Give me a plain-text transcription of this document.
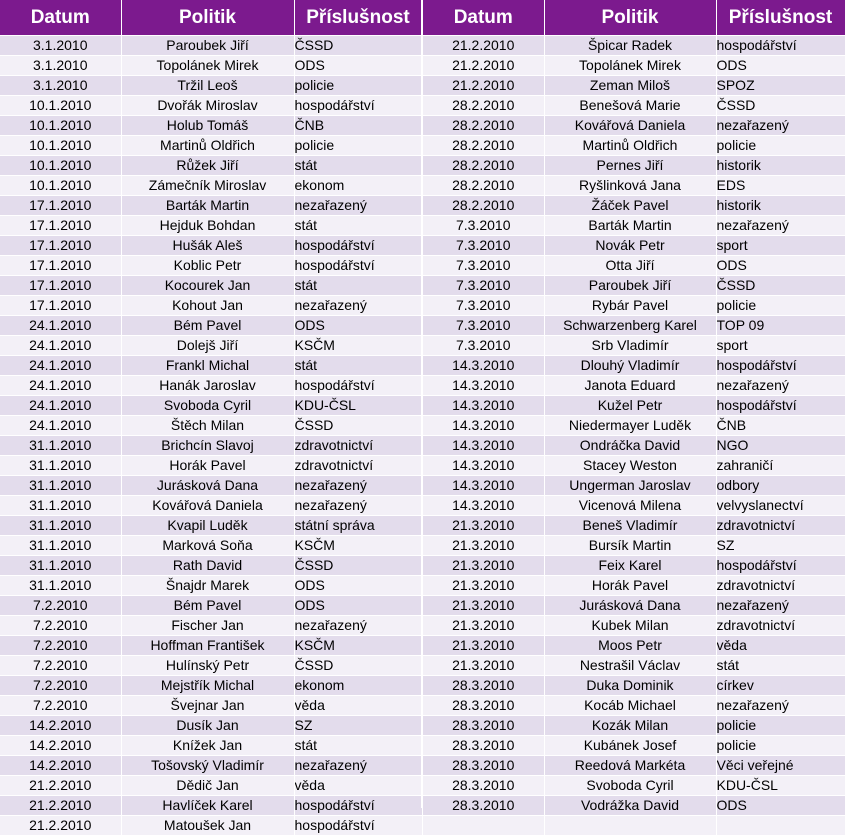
Datum	Politik	Příslušnost
3.1.2010	Paroubek Jiří	ČSSD
3.1.2010	Topolánek Mirek	ODS
3.1.2010	Tržil Leoš	policie
10.1.2010	Dvořák Miroslav	hospodářství
10.1.2010	Holub Tomáš	ČNB
10.1.2010	Martinů Oldřich	policie
10.1.2010	Růžek Jiří	stát
10.1.2010	Zámečník Miroslav	ekonom
17.1.2010	Barták Martin	nezařazený
17.1.2010	Hejduk Bohdan	stát
17.1.2010	Hušák Aleš	hospodářství
17.1.2010	Koblic Petr	hospodářství
17.1.2010	Kocourek Jan	stát
17.1.2010	Kohout Jan	nezařazený
24.1.2010	Bém Pavel	ODS
24.1.2010	Dolejš Jiří	KSČM
24.1.2010	Frankl Michal	stát
24.1.2010	Hanák Jaroslav	hospodářství
24.1.2010	Svoboda Cyril	KDU-ČSL
24.1.2010	Štěch Milan	ČSSD
31.1.2010	Brichcín Slavoj	zdravotnictví
31.1.2010	Horák Pavel	zdravotnictví
31.1.2010	Jurásková Dana	nezařazený
31.1.2010	Kovářová Daniela	nezařazený
31.1.2010	Kvapil Luděk	státní správa
31.1.2010	Marková Soňa	KSČM
31.1.2010	Rath David	ČSSD
31.1.2010	Šnajdr Marek	ODS
7.2.2010	Bém Pavel	ODS
7.2.2010	Fischer Jan	nezařazený
7.2.2010	Hoffman František	KSČM
7.2.2010	Hulínský Petr	ČSSD
7.2.2010	Mejstřík Michal	ekonom
7.2.2010	Švejnar Jan	věda
14.2.2010	Dusík Jan	SZ
14.2.2010	Knížek Jan	stát
14.2.2010	Tošovský Vladimír	nezařazený
21.2.2010	Dědič Jan	věda
21.2.2010	Havlíček Karel	hospodářství
21.2.2010	Matoušek Jan	hospodářství
Datum	Politik	Příslušnost
21.2.2010	Špicar Radek	hospodářství
21.2.2010	Topolánek Mirek	ODS
21.2.2010	Zeman Miloš	SPOZ
28.2.2010	Benešová Marie	ČSSD
28.2.2010	Kovářová Daniela	nezařazený
28.2.2010	Martinů Oldřich	policie
28.2.2010	Pernes Jiří	historik
28.2.2010	Ryšlinková Jana	EDS
28.2.2010	Žáček Pavel	historik
7.3.2010	Barták Martin	nezařazený
7.3.2010	Novák Petr	sport
7.3.2010	Otta Jiří	ODS
7.3.2010	Paroubek Jiří	ČSSD
7.3.2010	Rybár Pavel	policie
7.3.2010	Schwarzenberg Karel	TOP 09
7.3.2010	Srb Vladimír	sport
14.3.2010	Dlouhý Vladimír	hospodářství
14.3.2010	Janota Eduard	nezařazený
14.3.2010	Kužel Petr	hospodářství
14.3.2010	Niedermayer Luděk	ČNB
14.3.2010	Ondráčka David	NGO
14.3.2010	Stacey Weston	zahraničí
14.3.2010	Ungerman Jaroslav	odbory
14.3.2010	Vicenová Milena	velvyslanectví
21.3.2010	Beneš Vladimír	zdravotnictví
21.3.2010	Bursík Martin	SZ
21.3.2010	Feix Karel	hospodářství
21.3.2010	Horák Pavel	zdravotnictví
21.3.2010	Jurásková Dana	nezařazený
21.3.2010	Kubek Milan	zdravotnictví
21.3.2010	Moos Petr	věda
21.3.2010	Nestrašil Václav	stát
28.3.2010	Duka Dominik	církev
28.3.2010	Kocáb Michael	nezařazený
28.3.2010	Kozák Milan	policie
28.3.2010	Kubánek Josef	policie
28.3.2010	Reedová Markéta	Věci veřejné
28.3.2010	Svoboda Cyril	KDU-ČSL
28.3.2010	Vodrážka David	ODS
